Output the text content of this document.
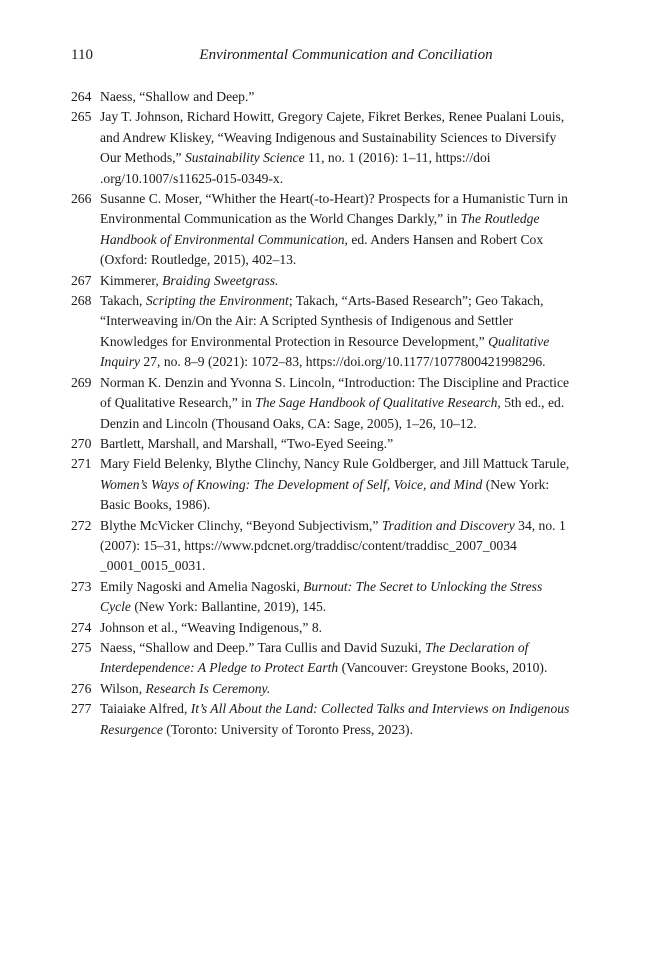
110	Environmental Communication and Conciliation
264 Naess, “Shallow and Deep.”
265 Jay T. Johnson, Richard Howitt, Gregory Cajete, Fikret Berkes, Renee Pualani Louis, and Andrew Kliskey, “Weaving Indigenous and Sustainability Sciences to Diversify Our Methods,” Sustainability Science 11, no. 1 (2016): 1–11, https://doi .org/10.1007/s11625-015-0349-x.
266 Susanne C. Moser, “Whither the Heart(-to-Heart)? Prospects for a Humanistic Turn in Environmental Communication as the World Changes Darkly,” in The Routledge Handbook of Environmental Communication, ed. Anders Hansen and Robert Cox (Oxford: Routledge, 2015), 402–13.
267 Kimmerer, Braiding Sweetgrass.
268 Takach, Scripting the Environment; Takach, “Arts-Based Research”; Geo Takach, “Interweaving in/On the Air: A Scripted Synthesis of Indigenous and Settler Knowledges for Environmental Protection in Resource Development,” Qualitative Inquiry 27, no. 8–9 (2021): 1072–83, https://doi.org/10.1177/1077800421998296.
269 Norman K. Denzin and Yvonna S. Lincoln, “Introduction: The Discipline and Practice of Qualitative Research,” in The Sage Handbook of Qualitative Research, 5th ed., ed. Denzin and Lincoln (Thousand Oaks, CA: Sage, 2005), 1–26, 10–12.
270 Bartlett, Marshall, and Marshall, “Two-Eyed Seeing.”
271 Mary Field Belenky, Blythe Clinchy, Nancy Rule Goldberger, and Jill Mattuck Tarule, Women’s Ways of Knowing: The Development of Self, Voice, and Mind (New York: Basic Books, 1986).
272 Blythe McVicker Clinchy, “Beyond Subjectivism,” Tradition and Discovery 34, no. 1 (2007): 15–31, https://www.pdcnet.org/traddisc/content/traddisc_2007_0034 _0001_0015_0031.
273 Emily Nagoski and Amelia Nagoski, Burnout: The Secret to Unlocking the Stress Cycle (New York: Ballantine, 2019), 145.
274 Johnson et al., “Weaving Indigenous,” 8.
275 Naess, “Shallow and Deep.” Tara Cullis and David Suzuki, The Declaration of Interdependence: A Pledge to Protect Earth (Vancouver: Greystone Books, 2010).
276 Wilson, Research Is Ceremony.
277 Taiaiake Alfred, It’s All About the Land: Collected Talks and Interviews on Indigenous Resurgence (Toronto: University of Toronto Press, 2023).
